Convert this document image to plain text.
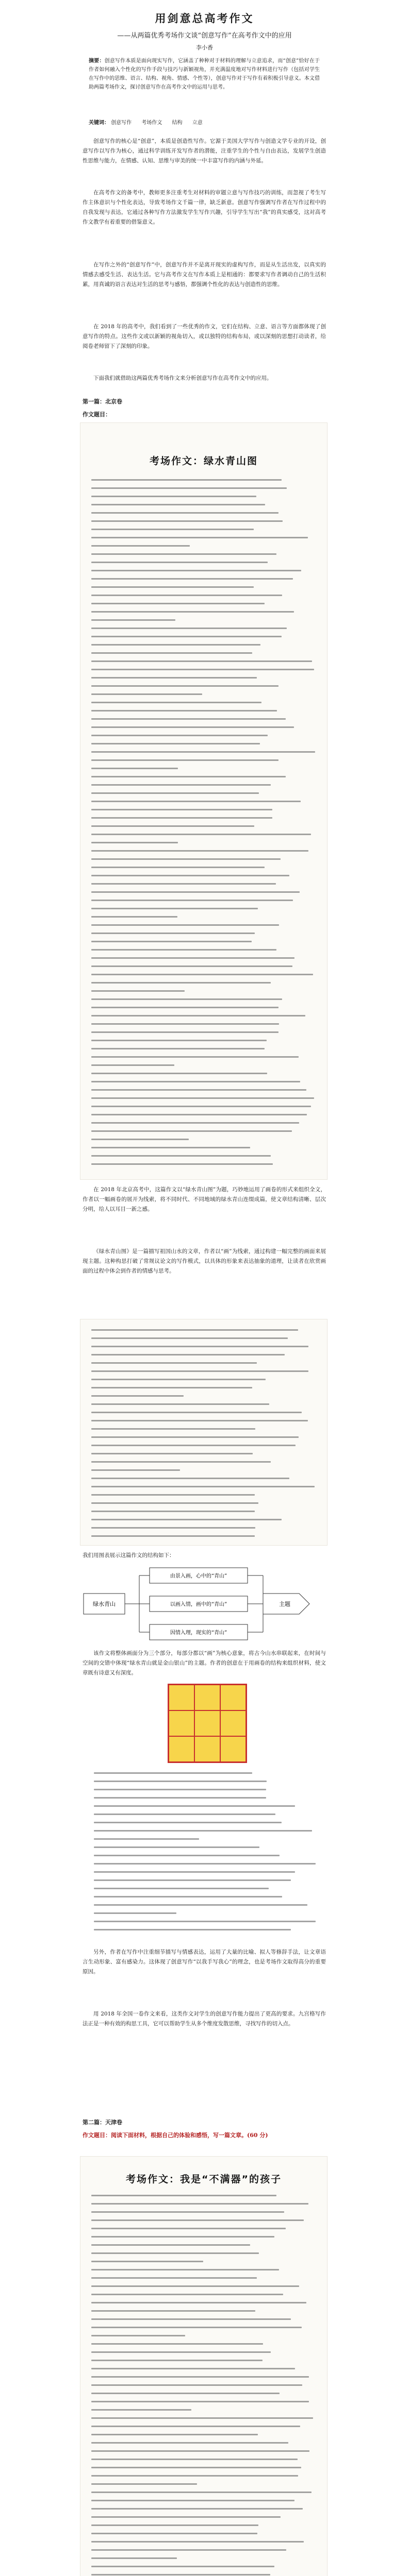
用剑意总高考作文
——从两篇优秀考场作文谈“创意写作”在高考作文中的应用
李小香
摘要：创意写作本质是面向现实写作，它涵盖了种种对于材料的理解与立意追求，而“创意”恰好在于作者如何融入个性化的写作手段与技巧与新颖视角，并充满温度地对写作材料进行写作（包括对学生在写作中的思维、语言、结构、视角、情感、个性等），创意写作对于写作有着积极引导意义。本文借助两篇考场作文，探讨创意写作在高考作文中的运用与思考。
关键词： 创意写作 考场作文 结构 立意
创意写作的核心是“创意”，本质是创造性写作。它源于美国大学写作与创造文学专业的开设，创意写作以写作为核心，通过科学训练开发写作者的潜能，注重学生的个性与自由表达，发展学生创造性思维与能力，在情感、认知、思维与审美的统一中丰富写作的内涵与外延。
在高考作文的备考中，教师更多注重考生对材料的审题立意与写作技巧的训练，而忽视了考生写作主体意识与个性化表达，导致考场作文千篇一律，缺乏新意。创意写作强调写作者在写作过程中的自我发现与表达，它通过各种写作方法激发学生写作兴趣，引导学生写出“我”的真实感受，这对高考作文教学有着重要的借鉴意义。
在写作之外的“创意写作”中，创意写作并不是离开现实的虚构写作，而是从生活出发，以真实的情感去感受生活、表达生活。它与高考作文在写作本质上是相通的：都要求写作者调动自己的生活积累，用真诚的语言表达对生活的思考与感悟，都强调个性化的表达与创造性的思维。
在 2018 年的高考中，我们看到了一些优秀的作文，它们在结构、立意、语言等方面都体现了创意写作的特点。这些作文或以新颖的视角切入，或以独特的结构布局，或以深刻的思想打动读者，给阅卷老师留下了深刻的印象。
下面我们就借助这两篇优秀考场作文来分析创意写作在高考作文中的应用。
第一篇：北京卷
作文题目：
考场作文：绿水青山图
在 2018 年北京高考中，这篇作文以“绿水青山图”为题，巧妙地运用了画卷的形式来组织全文，作者以一幅画卷的展开为线索，将不同时代、不同地域的绿水青山连缀成篇，使文章结构清晰、层次分明，给人以耳目一新之感。
《绿水青山图》是一篇描写祖国山水的文章，作者以“画”为线索，通过构建一幅完整的画面来展现主题。这种构思打破了常规议论文的写作模式，以具体的形象来表达抽象的道理，让读者在欣赏画面的过程中体会到作者的情感与思考。
我们用图表展示这篇作文的结构如下：
绿水青山
由景入画，心中的“青山”
以画入情，画中的“青山”
因情入理，现实的“青山”
主题
该作文将整体画面分为三个部分，每部分都以“画”为核心意象，将古今山水串联起来，在时间与空间的交错中体现“绿水青山就是金山银山”的主题。作者的创意在于用画卷的结构来组织材料，使文章既有诗意又有深度。
另外，作者在写作中注重细节描写与情感表达，运用了大量的比喻、拟人等修辞手法，让文章语言生动形象、富有感染力。这体现了创意写作“以我手写我心”的理念，也是考场作文取得高分的重要原因。
用 2018 年全国一卷作文来看，这类作文对学生的创意写作能力提出了更高的要求。九宫格写作法正是一种有效的构思工具，它可以帮助学生从多个维度发散思维，寻找写作的切入点。
第二篇：天津卷
作文题目：阅读下面材料，根据自己的体验和感悟，写一篇文章。(60 分)
考场作文：我是“不满器”的孩子
